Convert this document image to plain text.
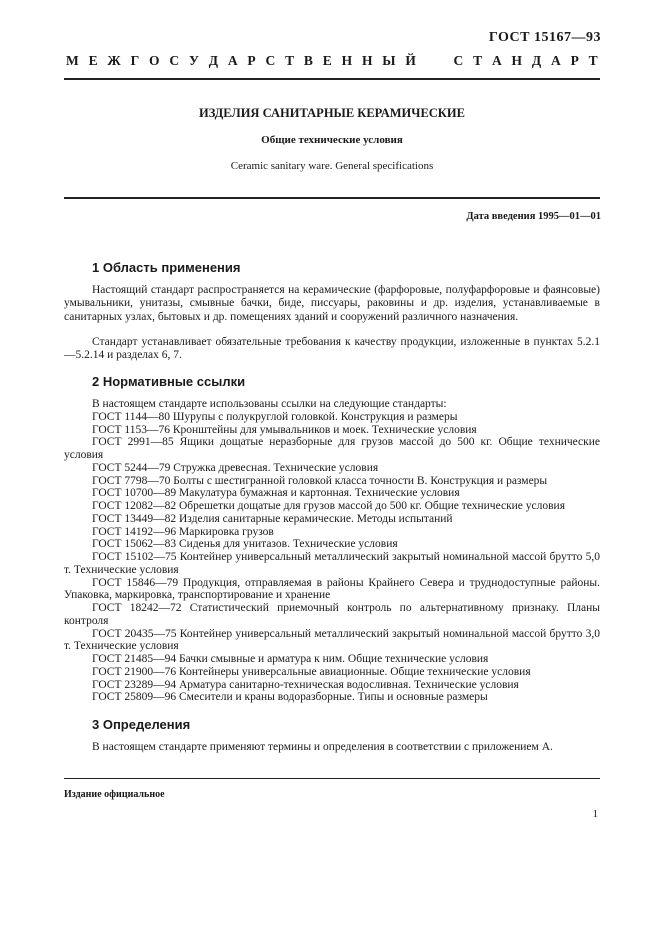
ГОСТ 15167—93
М Е Ж Г О С У Д А Р С Т В Е Н Н Ы Й	С Т А Н Д А Р Т
ИЗДЕЛИЯ САНИТАРНЫЕ КЕРАМИЧЕСКИЕ
Общие технические условия
Ceramic sanitary ware. General specifications
Дата введения 1995—01—01
1 Область применения
Настоящий стандарт распространяется на керамические (фарфоровые, полуфарфоровые и фаянсовые) умывальники, унитазы, смывные бачки, биде, писсуары, раковины и др. изделия, устанавливаемые в санитарных узлах, бытовых и др. помещениях зданий и сооружений различного назначения.
Стандарт устанавливает обязательные требования к качеству продукции, изложенные в пунктах 5.2.1—5.2.14 и разделах 6, 7.
2 Нормативные ссылки
В настоящем стандарте использованы ссылки на следующие стандарты:
ГОСТ 1144—80 Шурупы с полукруглой головкой. Конструкция и размеры
ГОСТ 1153—76 Кронштейны для умывальников и моек. Технические условия
ГОСТ 2991—85 Ящики дощатые неразборные для грузов массой до 500 кг. Общие технические условия
ГОСТ 5244—79 Стружка древесная. Технические условия
ГОСТ 7798—70 Болты с шестигранной головкой класса точности В. Конструкция и размеры
ГОСТ 10700—89 Макулатура бумажная и картонная. Технические условия
ГОСТ 12082—82 Обрешетки дощатые для грузов массой до 500 кг. Общие технические условия
ГОСТ 13449—82 Изделия санитарные керамические. Методы испытаний
ГОСТ 14192—96 Маркировка грузов
ГОСТ 15062—83 Сиденья для унитазов. Технические условия
ГОСТ 15102—75 Контейнер универсальный металлический закрытый номинальной массой брутто 5,0 т. Технические условия
ГОСТ 15846—79 Продукция, отправляемая в районы Крайнего Севера и труднодоступные районы. Упаковка, маркировка, транспортирование и хранение
ГОСТ 18242—72 Статистический приемочный контроль по альтернативному признаку. Планы контроля
ГОСТ 20435—75 Контейнер универсальный металлический закрытый номинальной массой брутто 3,0 т. Технические условия
ГОСТ 21485—94 Бачки смывные и арматура к ним. Общие технические условия
ГОСТ 21900—76 Контейнеры универсальные авиационные. Общие технические условия
ГОСТ 23289—94 Арматура санитарно-техническая водосливная. Технические условия
ГОСТ 25809—96 Смесители и краны водоразборные. Типы и основные размеры
3 Определения
В настоящем стандарте применяют термины и определения в соответствии с приложением А.
Издание официальное
1
